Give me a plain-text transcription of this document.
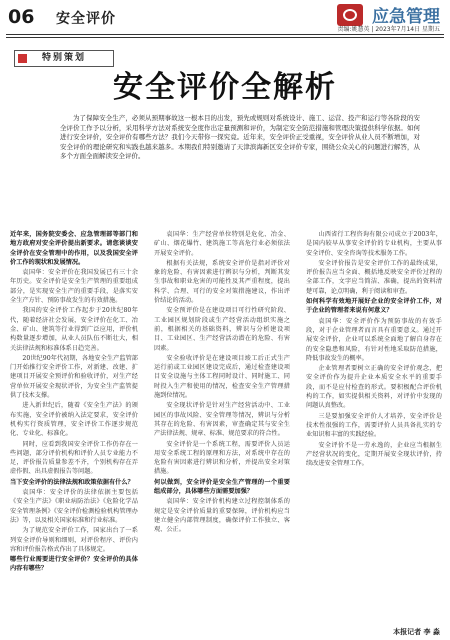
06 安全评价	应急管理
责编:姚慧英 | 2023年7月14日 星期五
特别策划
安全评价全解析

为了保障安全生产，必须从预期事故这一根本目的出发，预先或规则对系统设计、施工、运营、投产和运行等各阶段的安全评价工作予以分析，采用科学方法对系统安全度作出定量预测和评价，为制定安全防范措施和管理决策提供科学依据。如何进行安全评价，安全评价有哪些方法？我们今天带你一探究竟。近年来，安全评价正受重视，安全评价从业人员不断增加，对安全评价的理论研究和实践也越来越多。本期我们特别邀请了天津滨海新区安全评价专家，围绕公众关心的问题进行解答，从多个方面全面解读安全评价。

近年来，国务院安委会、应急管理部等部门和地方政府对安全评价提出新要求。请您谈谈安全评价在安全管理中的作用，以及我国安全评价工作的现状和发展情况。

袁国华：安全评价在我国发展已有三十余年历史。安全评价是安全生产管理的重要组成部分，是实现安全生产的重要手段，是落实安全生产方针、预防事故发生的有效措施。

我国的安全评价工作起步于20世纪80年代，随着经济社会发展，安全评价在化工、冶金、矿山、建筑等行业得到广泛应用，评价机构数量逐步增加，从业人员队伍不断壮大，相关法律法规和标准体系日趋完善。

20世纪90年代初期，各地安全生产监管部门开始推行安全评价工作，对新建、改建、扩建项目开展安全预评价和验收评价，对生产经营单位开展安全现状评价，为安全生产监管提供了技术支撑。

进入新世纪后，随着《安全生产法》的颁布实施，安全评价被纳入法定要求，安全评价机构实行资质管理，安全评价工作逐步规范化、专业化、标准化。

同时，应看到我国安全评价工作仍存在一些问题，部分评价机构和评价人员专业能力不足，评价报告质量参差不齐，个别机构存在弄虚作假、出具虚假报告等问题。

当下安全评价的法律法规和政策依据有什么？

袁国华：安全评价的法律依据主要包括《安全生产法》《职业病防治法》《危险化学品安全管理条例》《安全评价检测检验机构管理办法》等，以及相关国家标准和行业标准。

为了规范安全评价工作，国家出台了一系列安全评价导则和细则，对评价程序、评价内容和评价报告格式作出了具体规定。

哪些行业需要进行安全评价？安全评价的具体内容有哪些？

袁国华：生产经营单位特别是危化、冶金、矿山、烟花爆竹、建筑施工等高危行业必须依法开展安全评价。

根据有关法规，系统安全评价是指对评价对象的危险、有害因素进行辨识与分析，判断其发生事故和职业危害的可能性及其严重程度，提出科学、合理、可行的安全对策措施建议，作出评价结论的活动。

安全预评价是在建设项目可行性研究阶段、工业园区规划阶段或生产经营活动组织实施之前，根据相关的基础资料，辨识与分析建设项目、工业园区、生产经营活动潜在的危险、有害因素。

安全验收评价是在建设项目竣工后正式生产运行前或工业园区建设完成后，通过检查建设项目安全设施与主体工程同时设计、同时施工、同时投入生产和使用的情况，检查安全生产管理措施到位情况。

安全现状评价是针对生产经营活动中、工业园区的事故风险、安全管理等情况，辨识与分析其存在的危险、有害因素，审查确定其与安全生产法律法规、规章、标准、规范要求的符合性。

安全评价是一个系统工程，需要评价人员运用安全系统工程的原理和方法，对系统中存在的危险有害因素进行辨识和分析，并提出安全对策措施。

何以做到，安全评价是安全生产管理的一个重要组成部分，具体哪些方面需要加强？

袁国华：安全评价机构建立过程控制体系的规定是安全评价质量的重要保障，评价机构应当建立健全内部管理制度，确保评价工作独立、客观、公正。

山西省行工程咨询有限公司成立于2003年，是国内较早从事安全评价的专业机构，主要从事安全评价、安全咨询等技术服务工作。

安全评价报告是安全评价工作的最终成果，评价报告应当全面、概括地反映安全评价过程的全部工作，文字应当简洁、准确，提出的资料清楚可靠，论点明确，利于阅读和审查。

如何科学有效地开展好企业的安全评价工作，对于企业的管理者来说有何意义？

袁国华：安全评价作为预防事故的有效手段，对于企业管理者而言具有重要意义。通过开展安全评价，企业可以系统全面地了解自身存在的安全隐患和风险，有针对性地采取防范措施，降低事故发生的概率。

企业管理者要树立正确的安全评价观念，把安全评价作为提升企业本质安全水平的重要手段，而不是应付检查的形式。要积极配合评价机构的工作，如实提供相关资料，对评价中发现的问题认真整改。

三是要加强安全评价人才培养，安全评价是技术性很强的工作，需要评价人员具备扎实的专业知识和丰富的实践经验。

安全评价不是一劳永逸的，企业应当根据生产经营状况的变化，定期开展安全现状评价，持续改进安全管理工作。

本报记者 李 淼
